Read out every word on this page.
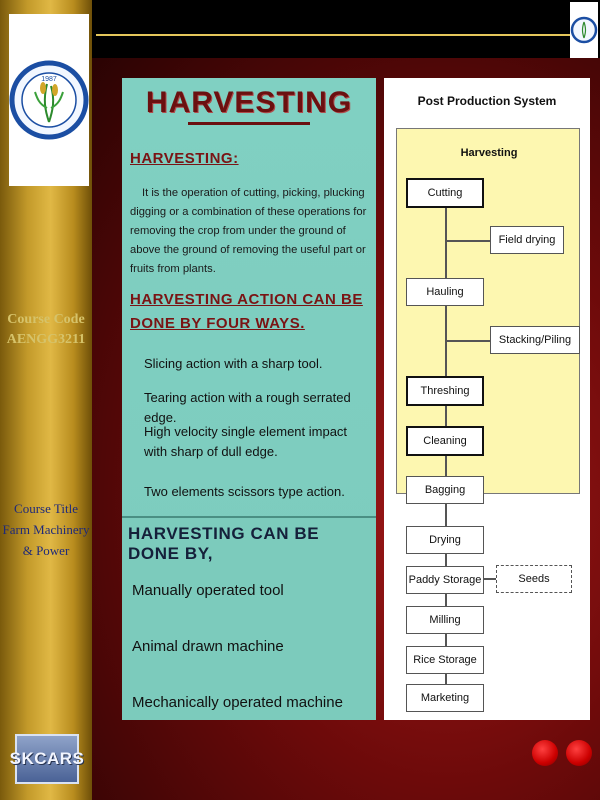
1987
Course Code
AENGG3211
Course Title
Farm Machinery
& Power
SKCARS
HARVESTING
HARVESTING:
It is the operation of cutting, picking, plucking digging or a combination of these operations for removing the crop from under the ground of above the ground of removing the useful part or fruits from plants.
HARVESTING ACTION CAN BE DONE BY FOUR WAYS.
Slicing action with a sharp tool.
Tearing action with a rough serrated edge.
High velocity single element impact with sharp of dull edge.
Two elements scissors type action.
HARVESTING CAN BE DONE BY,
Manually operated tool
Animal drawn machine
Mechanically operated machine
Post Production System
Harvesting
Cutting
Field drying
Hauling
Stacking/Piling
Threshing
Cleaning
Bagging
Drying
Paddy Storage	Seeds
Milling
Rice Storage
Marketing
